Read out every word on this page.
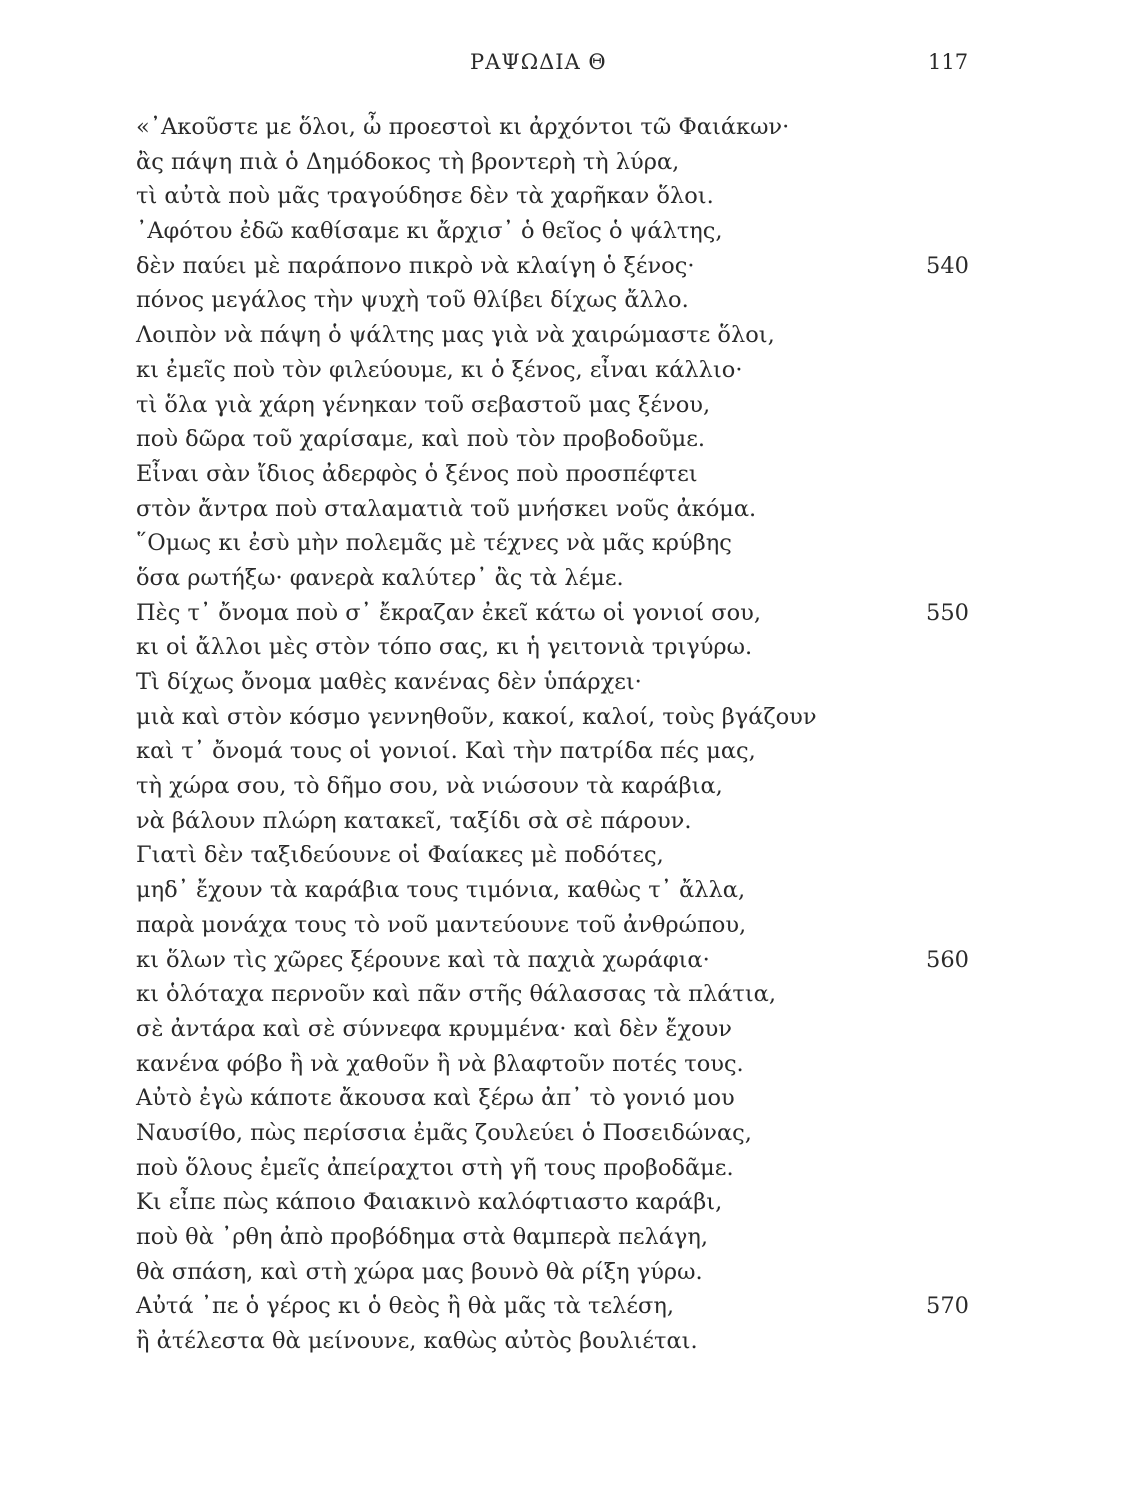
ΡΑΨΩΔΙΑ Θ	117
«᾿Ακοῦστε με ὅλοι, ὦ προεστοὶ κι ἀρχόντοι τῶ Φαιάκων·
ἂς πάψη πιὰ ὁ Δημόδοκος τὴ βροντερὴ τὴ λύρα,
τὶ αὐτὰ ποὺ μᾶς τραγούδησε δὲν τὰ χαρῆκαν ὅλοι.
᾿Αφότου ἐδῶ καθίσαμε κι ἄρχισ᾿ ὁ θεῖος ὁ ψάλτης,
δὲν παύει μὲ παράπονο πικρὸ νὰ κλαίγη ὁ ξένος·	540
πόνος μεγάλος τὴν ψυχὴ τοῦ θλίβει δίχως ἄλλο.
Λοιπὸν νὰ πάψη ὁ ψάλτης μας γιὰ νὰ χαιρώμαστε ὅλοι,
κι ἐμεῖς ποὺ τὸν φιλεύουμε, κι ὁ ξένος, εἶναι κάλλιο·
τὶ ὅλα γιὰ χάρη γένηκαν τοῦ σεβαστοῦ μας ξένου,
ποὺ δῶρα τοῦ χαρίσαμε, καὶ ποὺ τὸν προβοδοῦμε.
Εἶναι σὰν ἴδιος ἀδερφὸς ὁ ξένος ποὺ προσπέφτει
στὸν ἄντρα ποὺ σταλαματιὰ τοῦ μνήσκει νοῦς ἀκόμα.
῞Ομως κι ἐσὺ μὴν πολεμᾶς μὲ τέχνες νὰ μᾶς κρύβης
ὅσα ρωτήξω· φανερὰ καλύτερ᾿ ἂς τὰ λέμε.
Πὲς τ᾿ ὄνομα ποὺ σ᾿ ἔκραζαν ἐκεῖ κάτω οἱ γονιοί σου,	550
κι οἱ ἄλλοι μὲς στὸν τόπο σας, κι ἡ γειτονιὰ τριγύρω.
Τὶ δίχως ὄνομα μαθὲς κανένας δὲν ὑπάρχει·
μιὰ καὶ στὸν κόσμο γεννηθοῦν, κακοί, καλοί, τοὺς βγάζουν
καὶ τ᾿ ὄνομά τους οἱ γονιοί. Καὶ τὴν πατρίδα πές μας,
τὴ χώρα σου, τὸ δῆμο σου, νὰ νιώσουν τὰ καράβια,
νὰ βάλουν πλώρη κατακεῖ, ταξίδι σὰ σὲ πάρουν.
Γιατὶ δὲν ταξιδεύουνε οἱ Φαίακες μὲ ποδότες,
μηδ᾿ ἔχουν τὰ καράβια τους τιμόνια, καθὼς τ᾿ ἄλλα,
παρὰ μονάχα τους τὸ νοῦ μαντεύουνε τοῦ ἀνθρώπου,
κι ὅλων τὶς χῶρες ξέρουνε καὶ τὰ παχιὰ χωράφια·	560
κι ὁλόταχα περνοῦν καὶ πᾶν στῆς θάλασσας τὰ πλάτια,
σὲ ἀντάρα καὶ σὲ σύννεφα κρυμμένα· καὶ δὲν ἔχουν
κανένα φόβο ἢ νὰ χαθοῦν ἢ νὰ βλαφτοῦν ποτές τους.
Αὐτὸ ἐγὼ κάποτε ἄκουσα καὶ ξέρω ἀπ᾿ τὸ γονιό μου
Ναυσίθο, πὼς περίσσια ἐμᾶς ζουλεύει ὁ Ποσειδώνας,
ποὺ ὅλους ἐμεῖς ἀπείραχτοι στὴ γῆ τους προβοδᾶμε.
Κι εἶπε πὼς κάποιο Φαιακινὸ καλόφτιαστο καράβι,
ποὺ θὰ ᾿ρθη ἀπὸ προβόδημα στὰ θαμπερὰ πελάγη,
θὰ σπάση, καὶ στὴ χώρα μας βουνὸ θὰ ρίξη γύρω.
Αὐτά ᾿πε ὁ γέρος κι ὁ θεὸς ἢ θὰ μᾶς τὰ τελέση,	570
ἢ ἀτέλεστα θὰ μείνουνε, καθὼς αὐτὸς βουλιέται.
